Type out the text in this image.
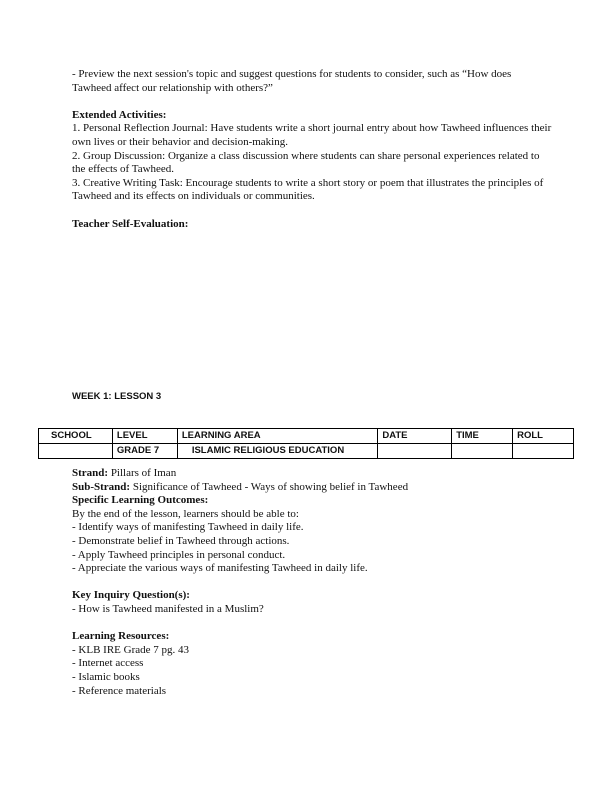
- Preview the next session's topic and suggest questions for students to consider, such as “How does Tawheed affect our relationship with others?”

Extended Activities:

1. Personal Reflection Journal: Have students write a short journal entry about how Tawheed influences their own lives or their behavior and decision-making.

2. Group Discussion: Organize a class discussion where students can share personal experiences related to the effects of Tawheed.

3. Creative Writing Task: Encourage students to write a short story or poem that illustrates the principles of Tawheed and its effects on individuals or communities.

Teacher Self-Evaluation:

WEEK 1: LESSON 3
SCHOOL	LEVEL	LEARNING AREA	DATE	TIME	ROLL
	GRADE 7	ISLAMIC RELIGIOUS EDUCATION			

Strand: Pillars of Iman

Sub-Strand: Significance of Tawheed - Ways of showing belief in Tawheed

Specific Learning Outcomes:

By the end of the lesson, learners should be able to:

- Identify ways of manifesting Tawheed in daily life.

- Demonstrate belief in Tawheed through actions.

- Apply Tawheed principles in personal conduct.

- Appreciate the various ways of manifesting Tawheed in daily life.

Key Inquiry Question(s):

- How is Tawheed manifested in a Muslim?

Learning Resources:

- KLB IRE Grade 7 pg. 43

- Internet access

- Islamic books

- Reference materials
